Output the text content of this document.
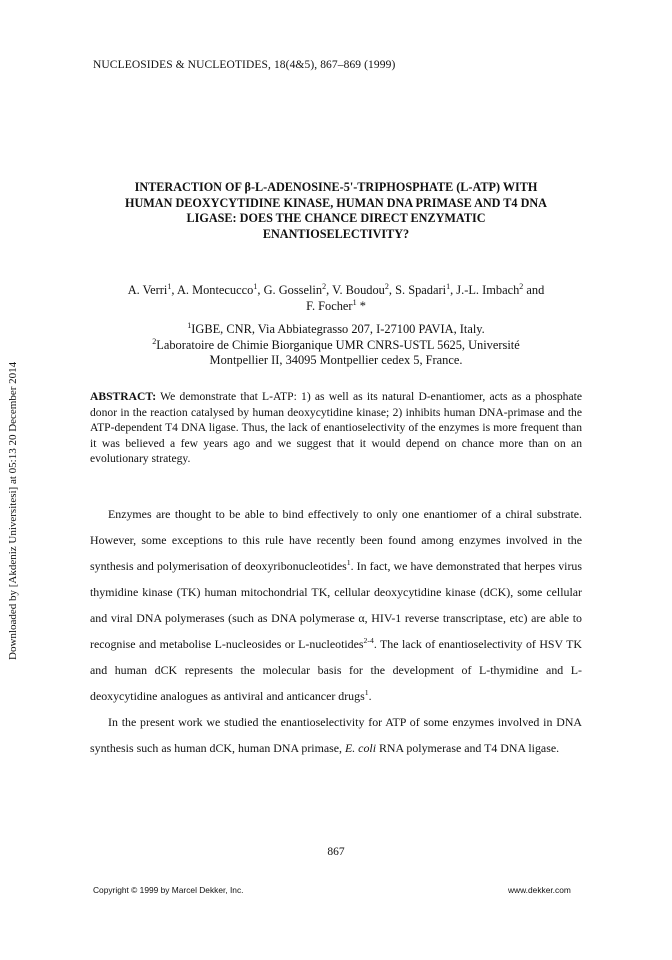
NUCLEOSIDES & NUCLEOTIDES, 18(4&5), 867–869 (1999)
Downloaded by [Akdeniz Universitesi] at 05:13 20 December 2014
INTERACTION OF β-L-ADENOSINE-5'-TRIPHOSPHATE (L-ATP) WITH
HUMAN DEOXYCYTIDINE KINASE, HUMAN DNA PRIMASE AND T4 DNA
LIGASE: DOES THE CHANCE DIRECT ENZYMATIC
ENANTIOSELECTIVITY?
A. Verri$^1$, A. Montecucco$^1$, G. Gosselin$^2$, V. Boudou$^2$, S. Spadari$^1$, J.-L. Imbach$^2$ and
F. Focher$^1$ *
$^1$IGBE, CNR, Via Abbiategrasso 207, I-27100 PAVIA, Italy.
$^2$Laboratoire de Chimie Biorganique UMR CNRS-USTL 5625, Université
Montpellier II, 34095 Montpellier cedex 5, France.
ABSTRACT: We demonstrate that L-ATP: 1) as well as its natural D-enantiomer, acts as a phosphate donor in the reaction catalysed by human deoxycytidine kinase; 2) inhibits human DNA-primase and the ATP-dependent T4 DNA ligase. Thus, the lack of enantioselectivity of the enzymes is more frequent than it was believed a few years ago and we suggest that it would depend on chance more than on an evolutionary strategy.

Enzymes are thought to be able to bind effectively to only one enantiomer of a chiral substrate. However, some exceptions to this rule have recently been found among enzymes involved in the synthesis and polymerisation of deoxyribonucleotides$^1$. In fact, we have demonstrated that herpes virus thymidine kinase (TK) human mitochondrial TK, cellular deoxycytidine kinase (dCK), some cellular and viral DNA polymerases (such as DNA polymerase α, HIV-1 reverse transcriptase, etc) are able to recognise and metabolise L-nucleosides or L-nucleotides$^{2-4}$. The lack of enantioselectivity of HSV TK and human dCK represents the molecular basis for the development of L-thymidine and L-deoxycytidine analogues as antiviral and anticancer drugs$^1$.

In the present work we studied the enantioselectivity for ATP of some enzymes involved in DNA synthesis such as human dCK, human DNA primase, E. coli RNA polymerase and T4 DNA ligase.

867
Copyright © 1999 by Marcel Dekker, Inc.	www.dekker.com
